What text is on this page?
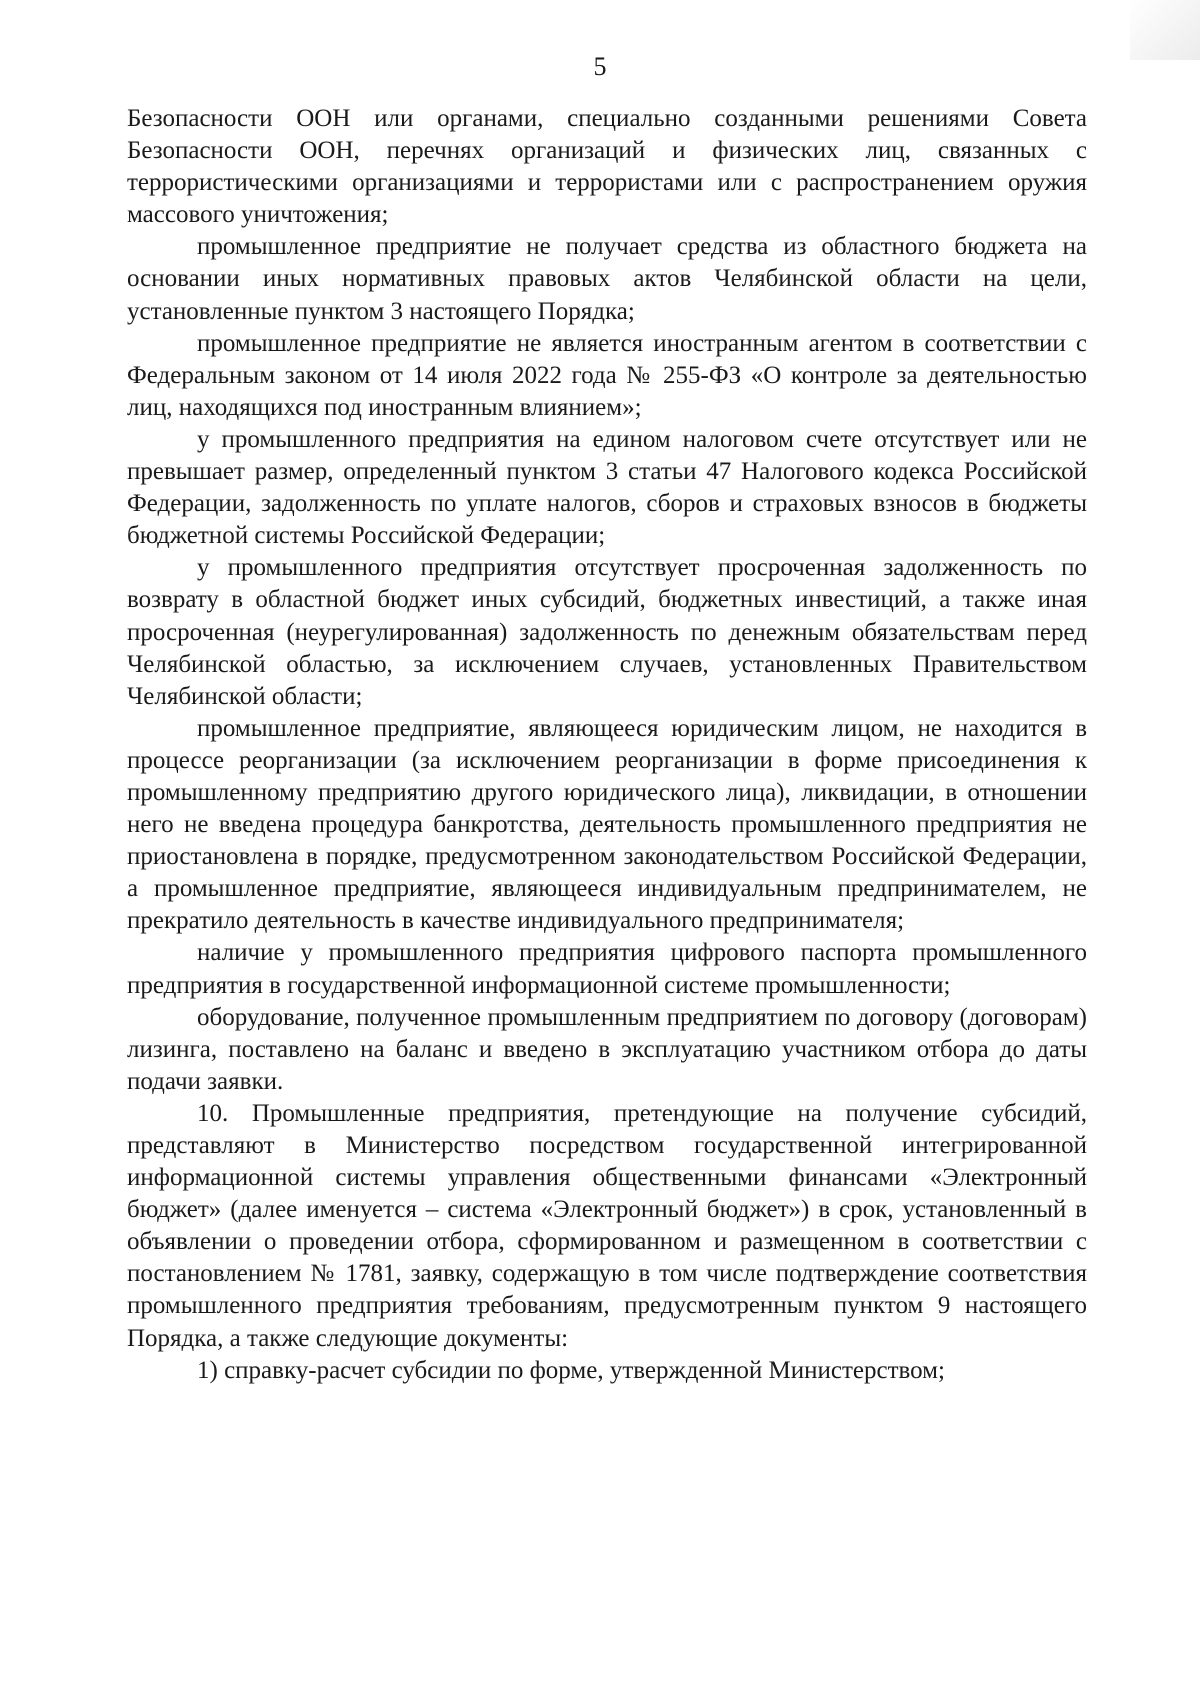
5

Безопасности ООН или органами, специально созданными решениями Совета Безопасности ООН, перечнях организаций и физических лиц, связанных с террористическими организациями и террористами или с распространением оружия массового уничтожения;

промышленное предприятие не получает средства из областного бюджета на основании иных нормативных правовых актов Челябинской области на цели, установленные пунктом 3 настоящего Порядка;

промышленное предприятие не является иностранным агентом в соответствии с Федеральным законом от 14 июля 2022 года № 255-ФЗ «О контроле за деятельностью лиц, находящихся под иностранным влиянием»;

у промышленного предприятия на едином налоговом счете отсутствует или не превышает размер, определенный пунктом 3 статьи 47 Налогового кодекса Российской Федерации, задолженность по уплате налогов, сборов и страховых взносов в бюджеты бюджетной системы Российской Федерации;

у промышленного предприятия отсутствует просроченная задолженность по возврату в областной бюджет иных субсидий, бюджетных инвестиций, а также иная просроченная (неурегулированная) задолженность по денежным обязательствам перед Челябинской областью, за исключением случаев, установленных Правительством Челябинской области;

промышленное предприятие, являющееся юридическим лицом, не находится в процессе реорганизации (за исключением реорганизации в форме присоединения к промышленному предприятию другого юридического лица), ликвидации, в отношении него не введена процедура банкротства, деятельность промышленного предприятия не приостановлена в порядке, предусмотренном законодательством Российской Федерации, а промышленное предприятие, являющееся индивидуальным предпринимателем, не прекратило деятельность в качестве индивидуального предпринимателя;

наличие у промышленного предприятия цифрового паспорта промышленного предприятия в государственной информационной системе промышленности;

оборудование, полученное промышленным предприятием по договору (договорам) лизинга, поставлено на баланс и введено в эксплуатацию участником отбора до даты подачи заявки.

10. Промышленные предприятия, претендующие на получение субсидий, представляют в Министерство посредством государственной интегрированной информационной системы управления общественными финансами «Электронный бюджет» (далее именуется – система «Электронный бюджет») в срок, установленный в объявлении о проведении отбора, сформированном и размещенном в соответствии с постановлением № 1781, заявку, содержащую в том числе подтверждение соответствия промышленного предприятия требованиям, предусмотренным пунктом 9 настоящего Порядка, а также следующие документы:

1) справку-расчет субсидии по форме, утвержденной Министерством;
